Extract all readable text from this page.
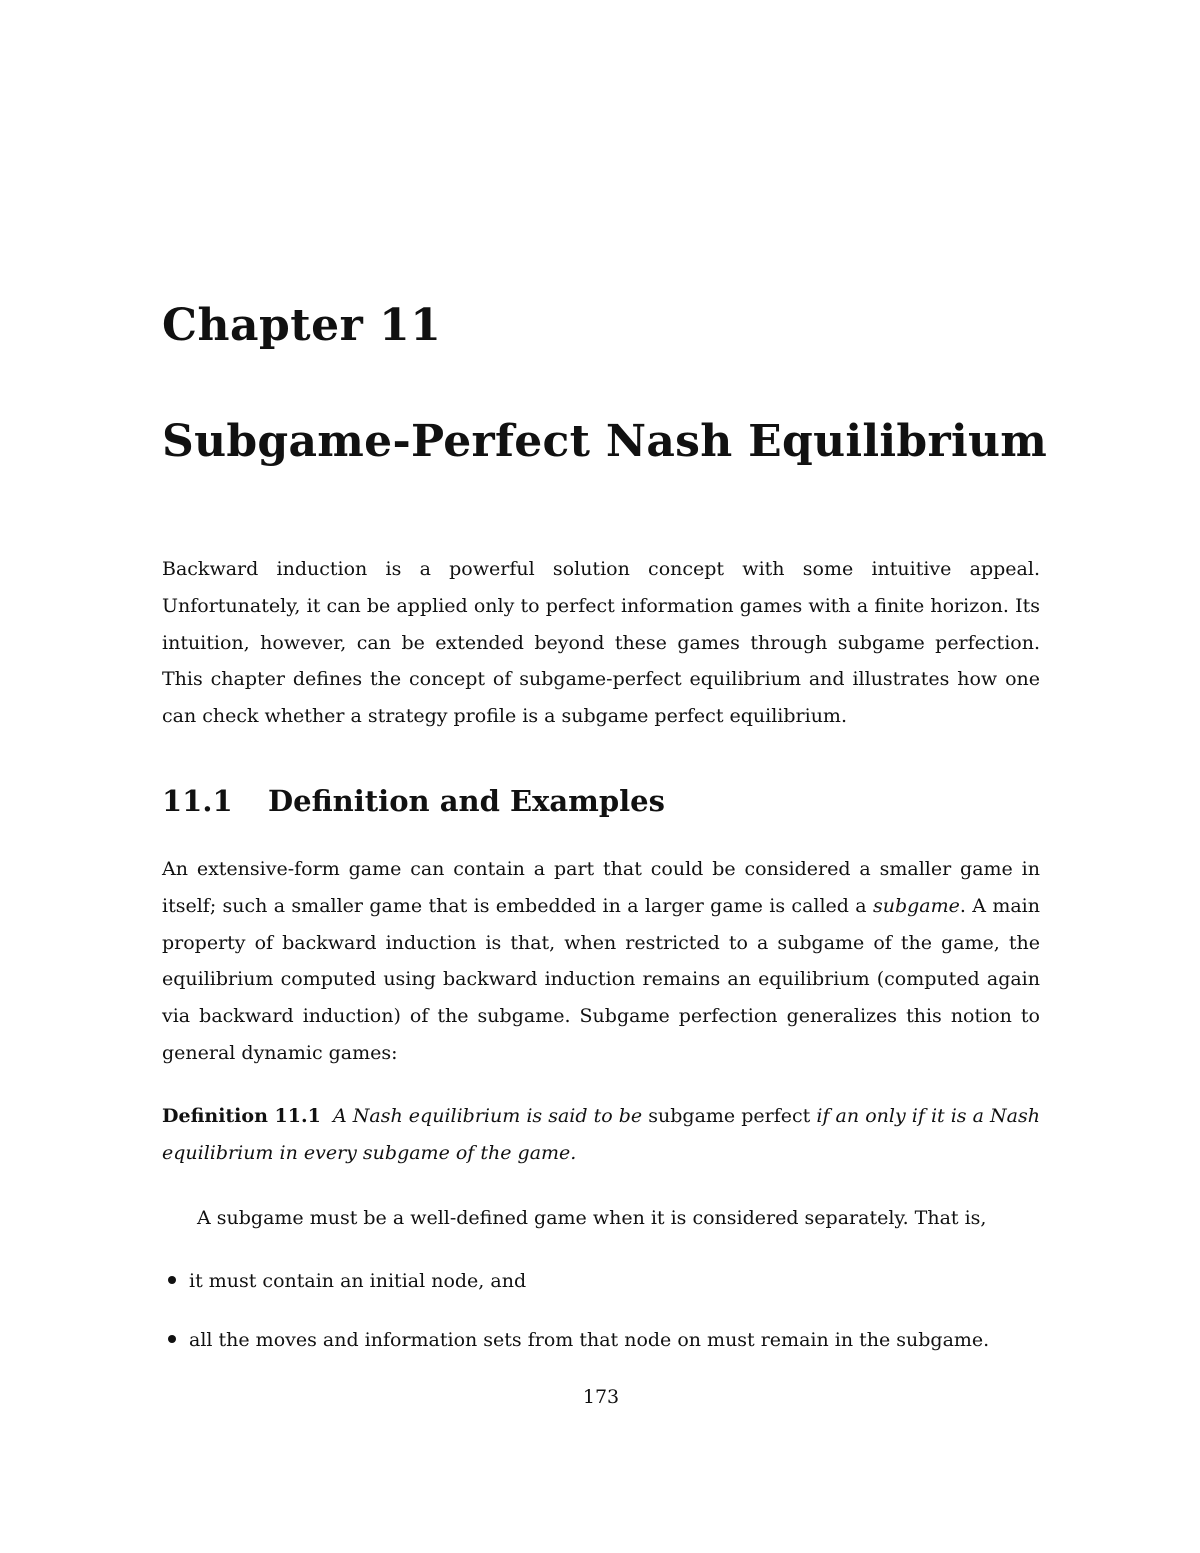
Chapter 11
Subgame-Perfect Nash Equilibrium

Backward induction is a powerful solution concept with some intuitive appeal. Unfortunately, it can be applied only to perfect information games with a finite horizon. Its intuition, however, can be extended beyond these games through subgame perfection. This chapter defines the concept of subgame-perfect equilibrium and illustrates how one can check whether a strategy profile is a subgame perfect equilibrium.

11.1 Definition and Examples

An extensive-form game can contain a part that could be considered a smaller game in itself; such a smaller game that is embedded in a larger game is called a subgame. A main property of backward induction is that, when restricted to a subgame of the game, the equilibrium computed using backward induction remains an equilibrium (computed again via backward induction) of the subgame. Subgame perfection generalizes this notion to general dynamic games:

Definition 11.1 A Nash equilibrium is said to be subgame perfect if an only if it is a Nash equilibrium in every subgame of the game.

A subgame must be a well-defined game when it is considered separately. That is,

it must contain an initial node, and
all the moves and information sets from that node on must remain in the subgame.
173
